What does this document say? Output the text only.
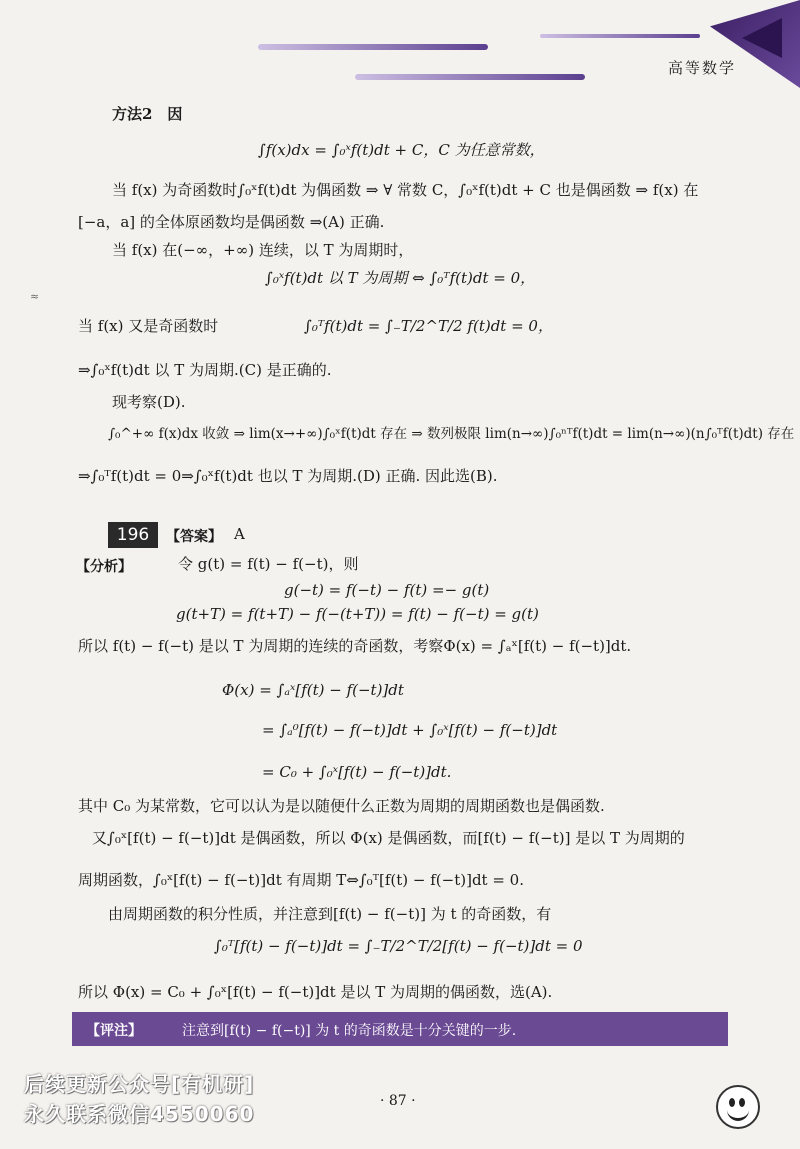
高等数学
≈
方法2　因
∫f(x)dx = ∫₀ˣf(t)dt + C，C 为任意常数，
当 f(x) 为奇函数时∫₀ˣf(t)dt 为偶函数 ⇒ ∀ 常数 C，∫₀ˣf(t)dt + C 也是偶函数 ⇒ f(x) 在
[−a，a] 的全体原函数均是偶函数 ⇒(A) 正确.
当 f(x) 在(−∞，+∞) 连续，以 T 为周期时，
∫₀ˣf(t)dt 以 T 为周期 ⇔ ∫₀ᵀf(t)dt = 0，
当 f(x) 又是奇函数时	∫₀ᵀf(t)dt = ∫₋T/2^T/2 f(t)dt = 0，
⇒∫₀ˣf(t)dt 以 T 为周期.(C) 是正确的.
现考察(D).
∫₀^+∞ f(x)dx 收敛 ⇒ lim(x→+∞)∫₀ˣf(t)dt 存在 ⇒ 数列极限 lim(n→∞)∫₀ⁿᵀf(t)dt = lim(n→∞)(n∫₀ᵀf(t)dt) 存在
⇒∫₀ᵀf(t)dt = 0⇒∫₀ˣf(t)dt 也以 T 为周期.(D) 正确. 因此选(B).
196	【答案】 A
【分析】	令 g(t) = f(t) − f(−t)，则
g(−t) = f(−t) − f(t) =− g(t)
g(t+T) = f(t+T) − f(−(t+T)) = f(t) − f(−t) = g(t)
所以 f(t) − f(−t) 是以 T 为周期的连续的奇函数，考察Φ(x) = ∫ₐˣ[f(t) − f(−t)]dt.
Φ(x) = ∫ₐˣ[f(t) − f(−t)]dt
= ∫ₐ⁰[f(t) − f(−t)]dt + ∫₀ˣ[f(t) − f(−t)]dt
= C₀ + ∫₀ˣ[f(t) − f(−t)]dt.
其中 C₀ 为某常数，它可以认为是以随便什么正数为周期的周期函数也是偶函数.
又∫₀ˣ[f(t) − f(−t)]dt 是偶函数，所以 Φ(x) 是偶函数，而[f(t) − f(−t)] 是以 T 为周期的
周期函数，∫₀ˣ[f(t) − f(−t)]dt 有周期 T⇔∫₀ᵀ[f(t) − f(−t)]dt = 0.
由周期函数的积分性质，并注意到[f(t) − f(−t)] 为 t 的奇函数，有
∫₀ᵀ[f(t) − f(−t)]dt = ∫₋T/2^T/2[f(t) − f(−t)]dt = 0
所以 Φ(x) = C₀ + ∫₀ˣ[f(t) − f(−t)]dt 是以 T 为周期的偶函数，选(A).
【评注】	注意到[f(t) − f(−t)] 为 t 的奇函数是十分关键的一步.
后续更新公众号[有机研]
永久联系微信4550060
· 87 ·
